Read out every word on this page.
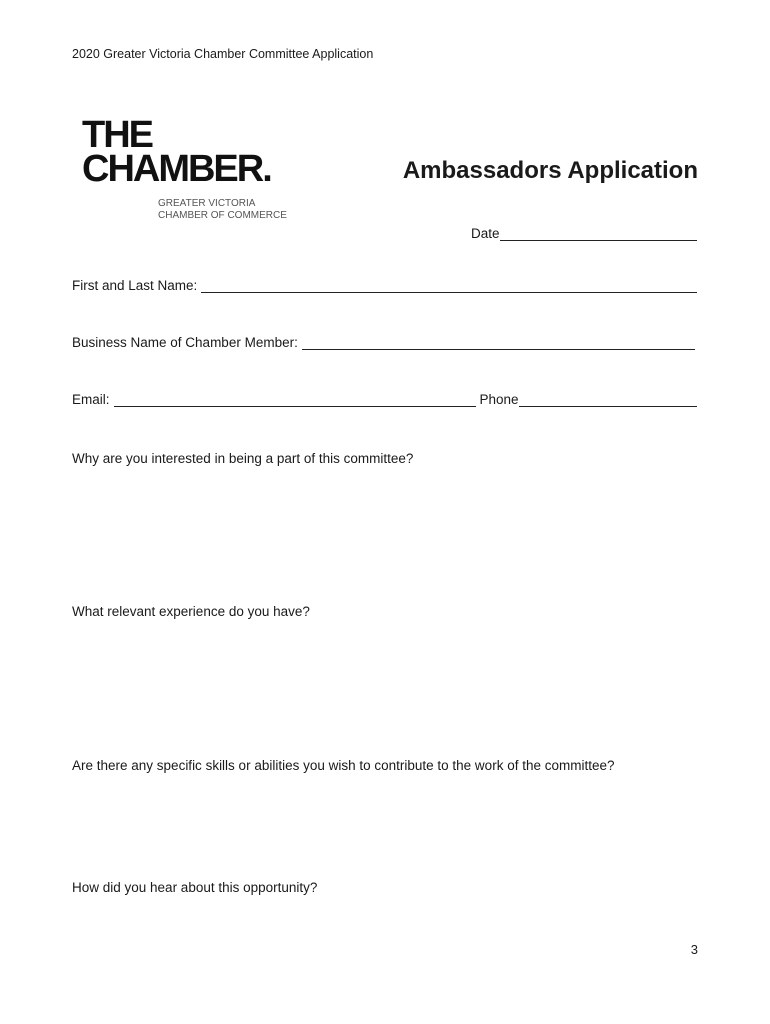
2020 Greater Victoria Chamber Committee Application
THE
CHAMBER.
GREATER VICTORIA
CHAMBER OF COMMERCE
Ambassadors Application
Date
First and Last Name:
Business Name of Chamber Member:
Email:	Phone
Why are you interested in being a part of this committee?
What relevant experience do you have?
Are there any specific skills or abilities you wish to contribute to the work of the committee?
How did you hear about this opportunity?
3
